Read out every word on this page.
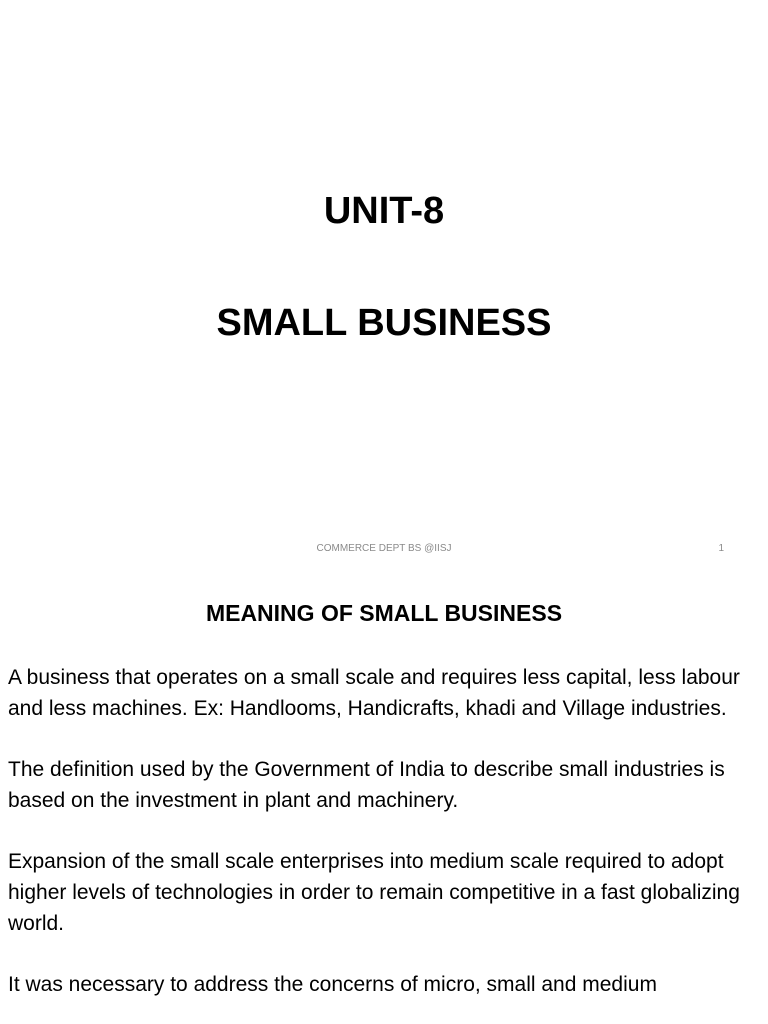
UNIT-8
SMALL BUSINESS
COMMERCE DEPT BS @IISJ	1
MEANING OF SMALL BUSINESS

A business that operates on a small scale and requires less capital, less labour and less machines. Ex: Handlooms, Handicrafts, khadi and Village industries.

The definition used by the Government of India to describe small industries is based on the investment in plant and machinery.

Expansion of the small scale enterprises into medium scale required to adopt higher levels of technologies in order to remain competitive in a fast globalizing world.

It was necessary to address the concerns of micro, small and medium
